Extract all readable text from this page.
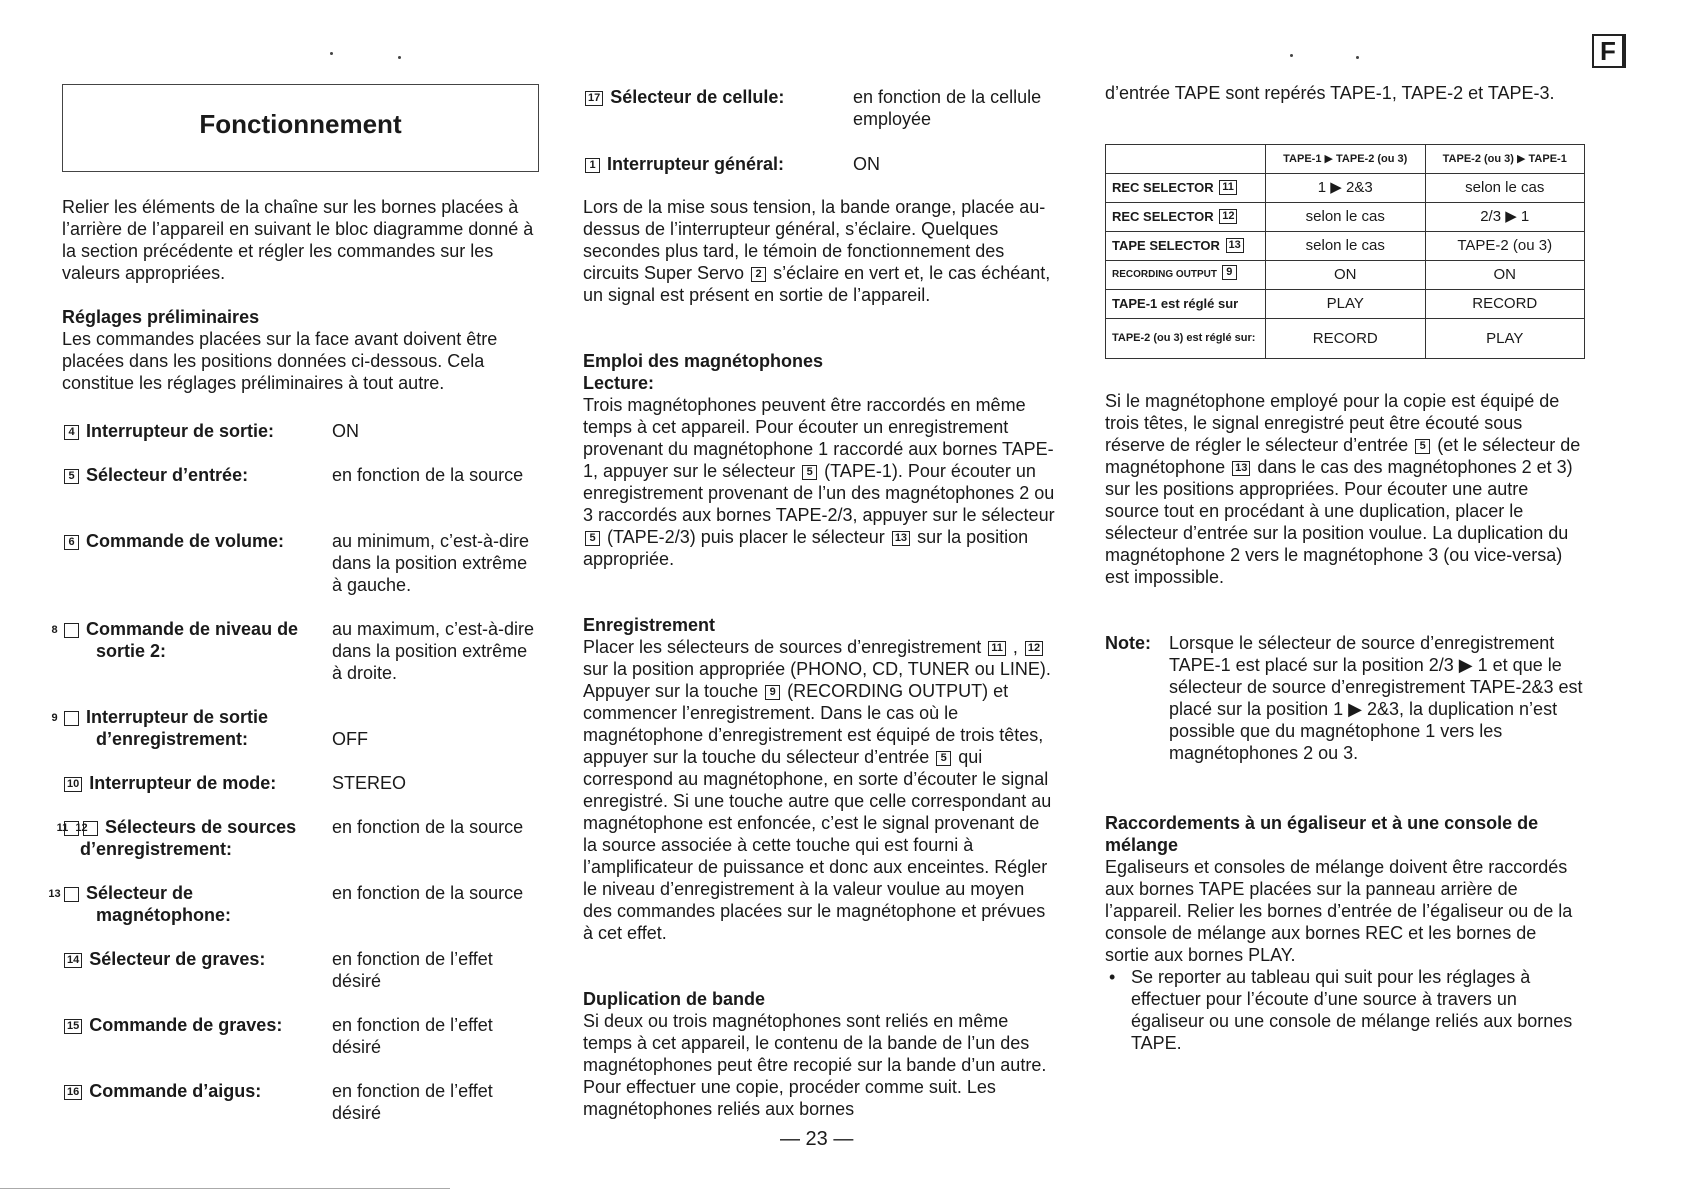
F
Fonctionnement

Relier les éléments de la chaîne sur les bornes placées à l’arrière de l’appareil en suivant le bloc diagramme donné à la section précédente et régler les commandes sur les valeurs appropriées.

Réglages préliminaires

Les commandes placées sur la face avant doivent être placées dans les positions données ci-dessous. Cela constitue les réglages préliminaires à tout autre.

4 Interrupteur de sortie:	ON
5 Sélecteur d’entrée:	en fonction de la source
6 Commande de volume:	au minimum, c’est-à-dire dans la position extrême à gauche.
8 Commande de niveau de sortie 2:
au maximum, c’est-à-dire dans la position extrême à droite.
9 Interrupteur de sortie d’enregistrement:	OFF
10 Interrupteur de mode:	STEREO
11 12 Sélecteurs de sources d’enregistrement:
en fonction de la source
13 Sélecteur de magnétophone:
en fonction de la source
14 Sélecteur de graves:	en fonction de l’effet désiré
15 Commande de graves:	en fonction de l’effet désiré
16 Commande d’aigus:	en fonction de l’effet désiré
17 Sélecteur de cellule:	en fonction de la cellule employée
1 Interrupteur général:	ON

Lors de la mise sous tension, la bande orange, placée au-dessus de l’interrupteur général, s’éclaire. Quelques secondes plus tard, le témoin de fonctionnement des circuits Super Servo 2 s’éclaire en vert et, le cas échéant, un signal est présent en sortie de l’appareil.

Emploi des magnétophones
Lecture:

Trois magnétophones peuvent être raccordés en même temps à cet appareil. Pour écouter un enregistrement provenant du magnétophone 1 raccordé aux bornes TAPE-1, appuyer sur le sélecteur 5 (TAPE-1). Pour écouter un enregistrement provenant de l’un des magnétophones 2 ou 3 raccordés aux bornes TAPE-2/3, appuyer sur le sélecteur 5 (TAPE-2/3) puis placer le sélecteur 13 sur la position appropriée.

Enregistrement

Placer les sélecteurs de sources d’enregistrement 11 , 12 sur la position appropriée (PHONO, CD, TUNER ou LINE). Appuyer sur la touche 9 (RECORDING OUTPUT) et commencer l’enregistrement. Dans le cas où le magnétophone d’enregistrement est équipé de trois têtes, appuyer sur la touche du sélecteur d’entrée 5 qui correspond au magnétophone, en sorte d’écouter le signal enregistré. Si une touche autre que celle correspondant au magnétophone est enfoncée, c’est le signal provenant de la source associée à cette touche qui est fourni à l’amplificateur de puissance et donc aux enceintes. Régler le niveau d’enregistrement à la valeur voulue au moyen des commandes placées sur le magnétophone et prévues à cet effet.

Duplication de bande

Si deux ou trois magnétophones sont reliés en même temps à cet appareil, le contenu de la bande de l’un des magnétophones peut être recopié sur la bande d’un autre. Pour effectuer une copie, procéder comme suit. Les magnétophones reliés aux bornes

— 23 —

d’entrée TAPE sont repérés TAPE-1, TAPE-2 et TAPE-3.

	TAPE-1 ▶ TAPE-2 (ou 3)	TAPE-2 (ou 3) ▶ TAPE-1
REC SELECTOR 11	1 ▶ 2&3	selon le cas
REC SELECTOR 12	selon le cas	2/3 ▶ 1
TAPE SELECTOR 13	selon le cas	TAPE-2 (ou 3)
RECORDING OUTPUT 9	ON	ON
TAPE-1 est réglé sur	PLAY	RECORD
TAPE-2 (ou 3) est réglé sur:	RECORD	PLAY

Si le magnétophone employé pour la copie est équipé de trois têtes, le signal enregistré peut être écouté sous réserve de régler le sélecteur d’entrée 5 (et le sélecteur de magnétophone 13 dans le cas des magnétophones 2 et 3) sur les positions appropriées. Pour écouter une autre source tout en procédant à une duplication, placer le sélecteur d’entrée sur la position voulue. La duplication du magnétophone 2 vers le magnétophone 3 (ou vice-versa) est impossible.

Note: Lorsque le sélecteur de source d’enregistrement TAPE-1 est placé sur la position 2/3 ▶ 1 et que le sélecteur de source d’enregistrement TAPE-2&3 est placé sur la position 1 ▶ 2&3, la duplication n’est possible que du magnétophone 1 vers les magnétophones 2 ou 3.
Raccordements à un égaliseur et à une console de mélange

Egaliseurs et consoles de mélange doivent être raccordés aux bornes TAPE placées sur la panneau arrière de l’appareil. Relier les bornes d’entrée de l’égaliseur ou de la console de mélange aux bornes REC et les bornes de sortie aux bornes PLAY.

• Se reporter au tableau qui suit pour les réglages à effectuer pour l’écoute d’une source à travers un égaliseur ou une console de mélange reliés aux bornes TAPE.
